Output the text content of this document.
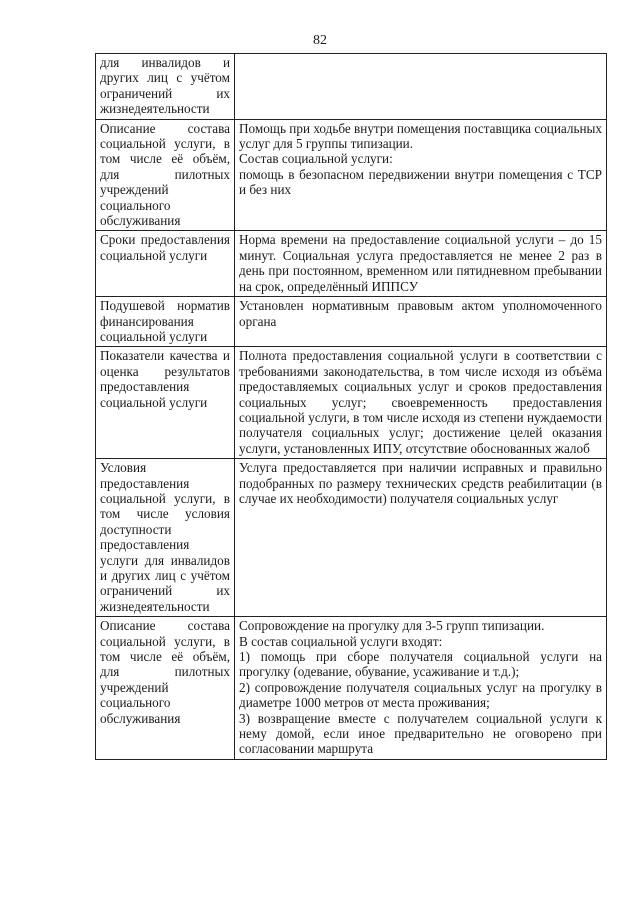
82
для инвалидов и других лиц с учётом ограничений их жизнедеятельности	

Описание состава социальной услуги, в том числе её объём, для пилотных учреждений социального обслуживания	Помощь при ходьбе внутри помещения поставщика социальных услуг для 5 группы типизации.
Состав социальной услуги:
помощь в безопасном передвижении внутри помещения с ТСР и без них

Сроки предоставления социальной услуги	Норма времени на предоставление социальной услуги – до 15 минут. Социальная услуга предоставляется не менее 2 раз в день при постоянном, временном или пятидневном пребывании на срок, определённый ИППСУ

Подушевой норматив финансирования социальной услуги	Установлен нормативным правовым актом уполномоченного органа

Показатели качества и оценка результатов предоставления социальной услуги	Полнота предоставления социальной услуги в соответствии с требованиями законодательства, в том числе исходя из объёма предоставляемых социальных услуг и сроков предоставления социальных услуг; своевременность предоставления социальной услуги, в том числе исходя из степени нуждаемости получателя социальных услуг; достижение целей оказания услуги, установленных ИПУ, отсутствие обоснованных жалоб

Условия предоставления социальной услуги, в том числе условия доступности предоставления услуги для инвалидов и других лиц с учётом ограничений их жизнедеятельности	Услуга предоставляется при наличии исправных и правильно подобранных по размеру технических средств реабилитации (в случае их необходимости) получателя социальных услуг

Описание состава социальной услуги, в том числе её объём, для пилотных учреждений социального обслуживания	Сопровождение на прогулку для 3-5 групп типизации.
В состав социальной услуги входят:
1) помощь при сборе получателя социальной услуги на прогулку (одевание, обувание, усаживание и т.д.);
2) сопровождение получателя социальных услуг на прогулку в диаметре 1000 метров от места проживания;
3) возвращение вместе с получателем социальной услуги к нему домой, если иное предварительно не оговорено при согласовании маршрута
